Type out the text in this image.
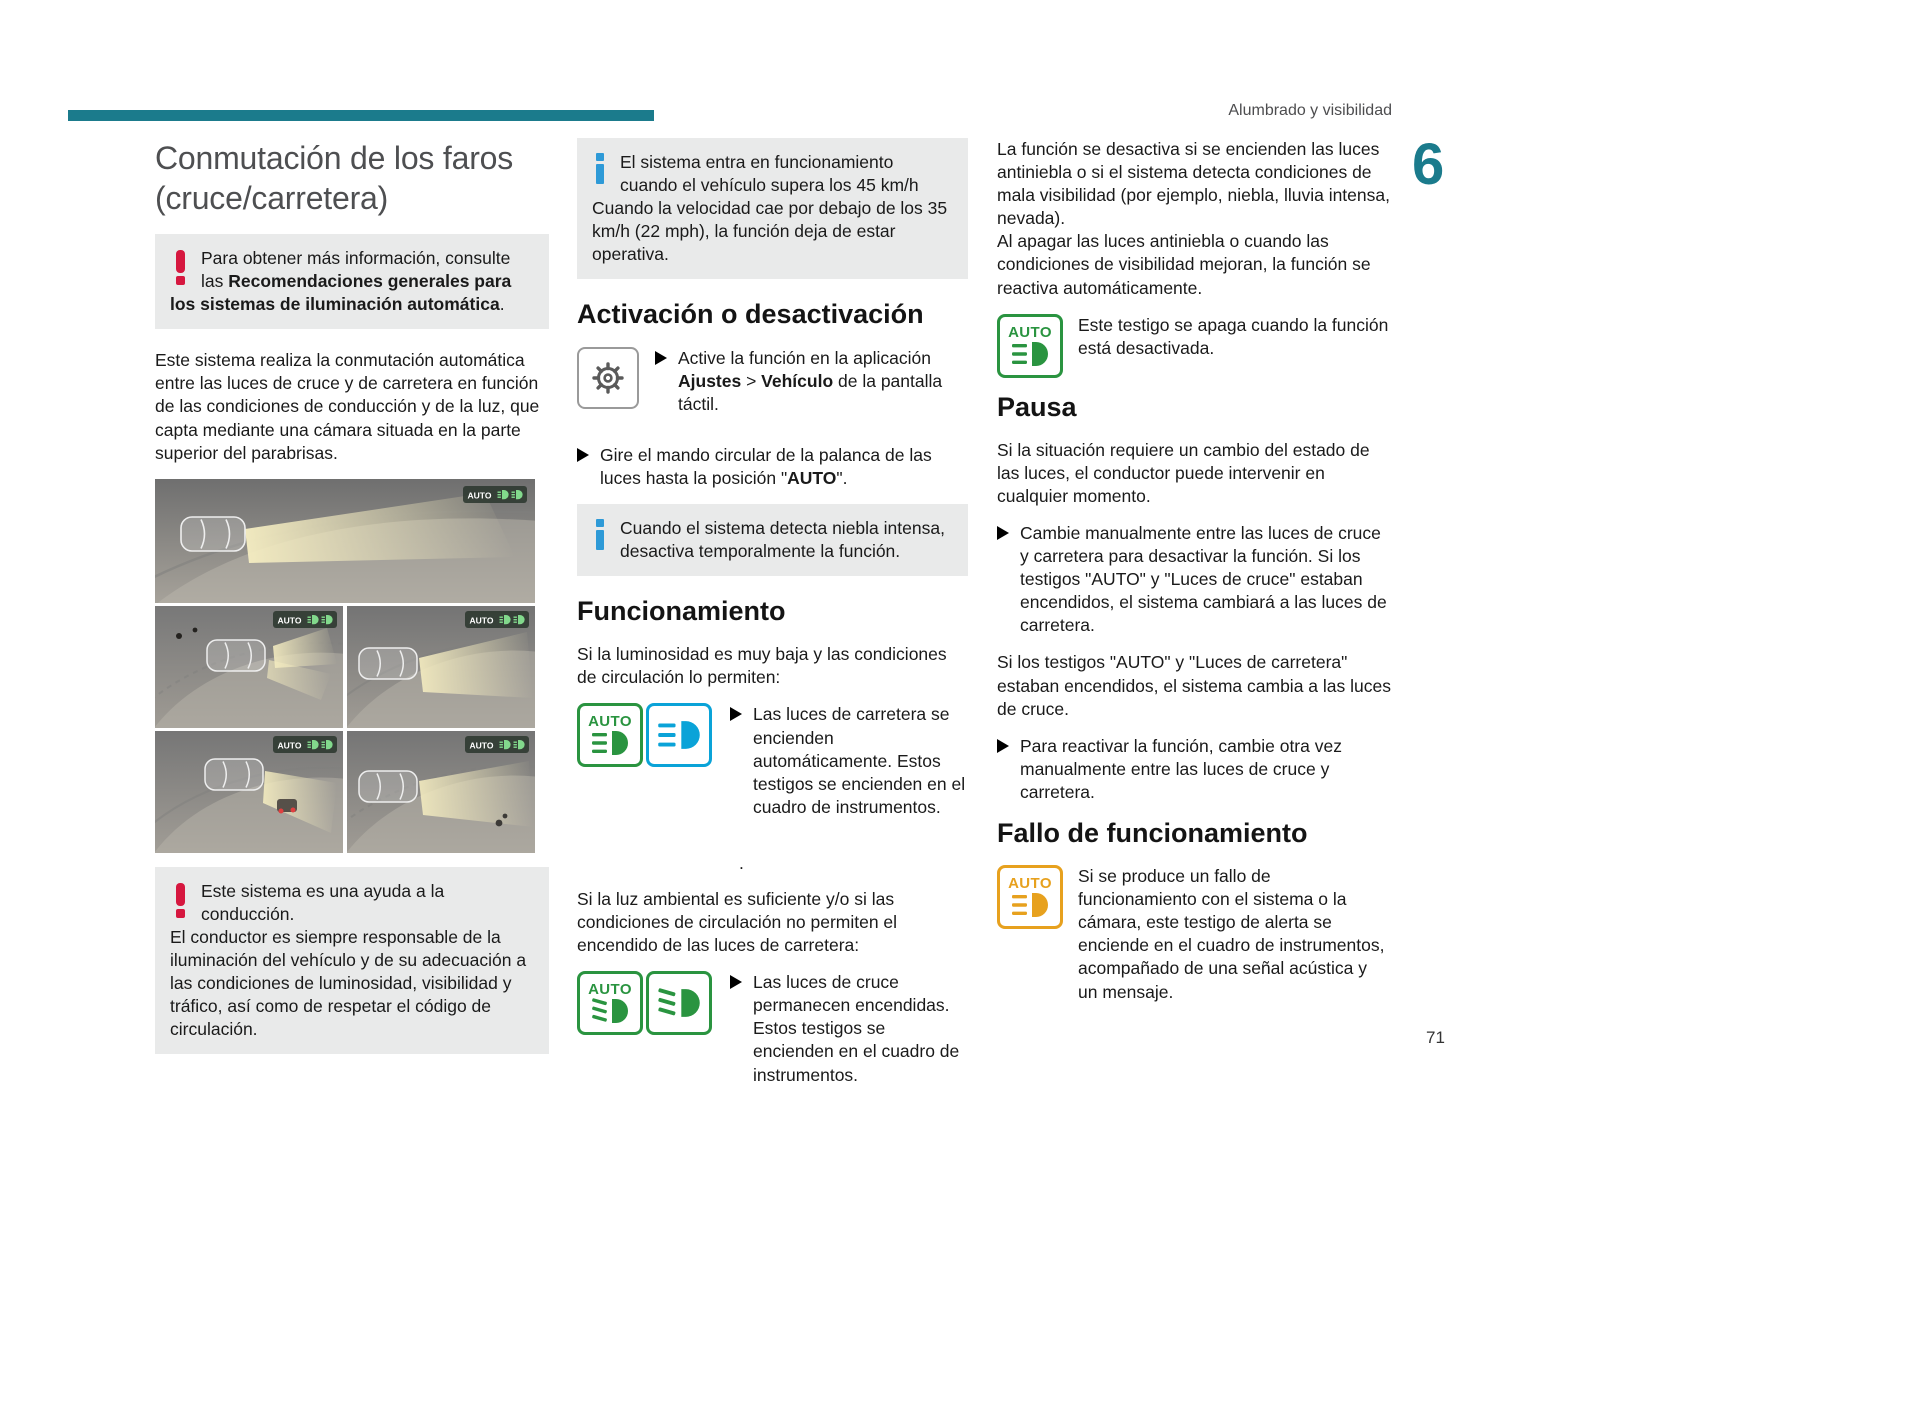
Alumbrado y visibilidad
6
71
Conmutación de los faros (cruce/carretera)
Para obtener más información, consulte las Recomendaciones generales para los sistemas de iluminación automática.

Este sistema realiza la conmutación automática entre las luces de cruce y de carretera en función de las condiciones de conducción y de la luz, que capta mediante una cámara situada en la parte superior del parabrisas.

AUTO
AUTO	AUTO
AUTO	AUTO
Este sistema es una ayuda a la conducción.
El conductor es siempre responsable de la iluminación del vehículo y de su adecuación a las condiciones de luminosidad, visibilidad y tráfico, así como de respetar el código de circulación.
El sistema entra en funcionamiento cuando el vehículo supera los 45 km/h Cuando la velocidad cae por debajo de los 35 km/h (22 mph), la función deja de estar operativa.
Activación o desactivación

Active la función en la aplicación Ajustes > Vehículo de la pantalla táctil.

Gire el mando circular de la palanca de las luces hasta la posición "AUTO".

Cuando el sistema detecta niebla intensa, desactiva temporalmente la función.
Funcionamiento

Si la luminosidad es muy baja y las condiciones de circulación lo permiten:

AUTO	Las luces de carretera se encienden automáticamente. Estos testigos se encienden en el cuadro de instrumentos.

.

Si la luz ambiental es suficiente y/o si las condiciones de circulación no permiten el encendido de las luces de carretera:

AUTO	Las luces de cruce permanecen encendidas. Estos testigos se encienden en el cuadro de instrumentos.

La función se desactiva si se encienden las luces antiniebla o si el sistema detecta condiciones de mala visibilidad (por ejemplo, niebla, lluvia intensa, nevada).

Al apagar las luces antiniebla o cuando las condiciones de visibilidad mejoran, la función se reactiva automáticamente.

AUTO Este testigo se apaga cuando la función está desactivada.

Pausa

Si la situación requiere un cambio del estado de las luces, el conductor puede intervenir en cualquier momento.

Cambie manualmente entre las luces de cruce y carretera para desactivar la función. Si los testigos "AUTO" y "Luces de cruce" estaban encendidos, el sistema cambiará a las luces de carretera.

Si los testigos "AUTO" y "Luces de carretera" estaban encendidos, el sistema cambia a las luces de cruce.

Para reactivar la función, cambie otra vez manualmente entre las luces de cruce y carretera.

Fallo de funcionamiento
AUTO Si se produce un fallo de funcionamiento con el sistema o la cámara, este testigo de alerta se enciende en el cuadro de instrumentos, acompañado de una señal acústica y un mensaje.
